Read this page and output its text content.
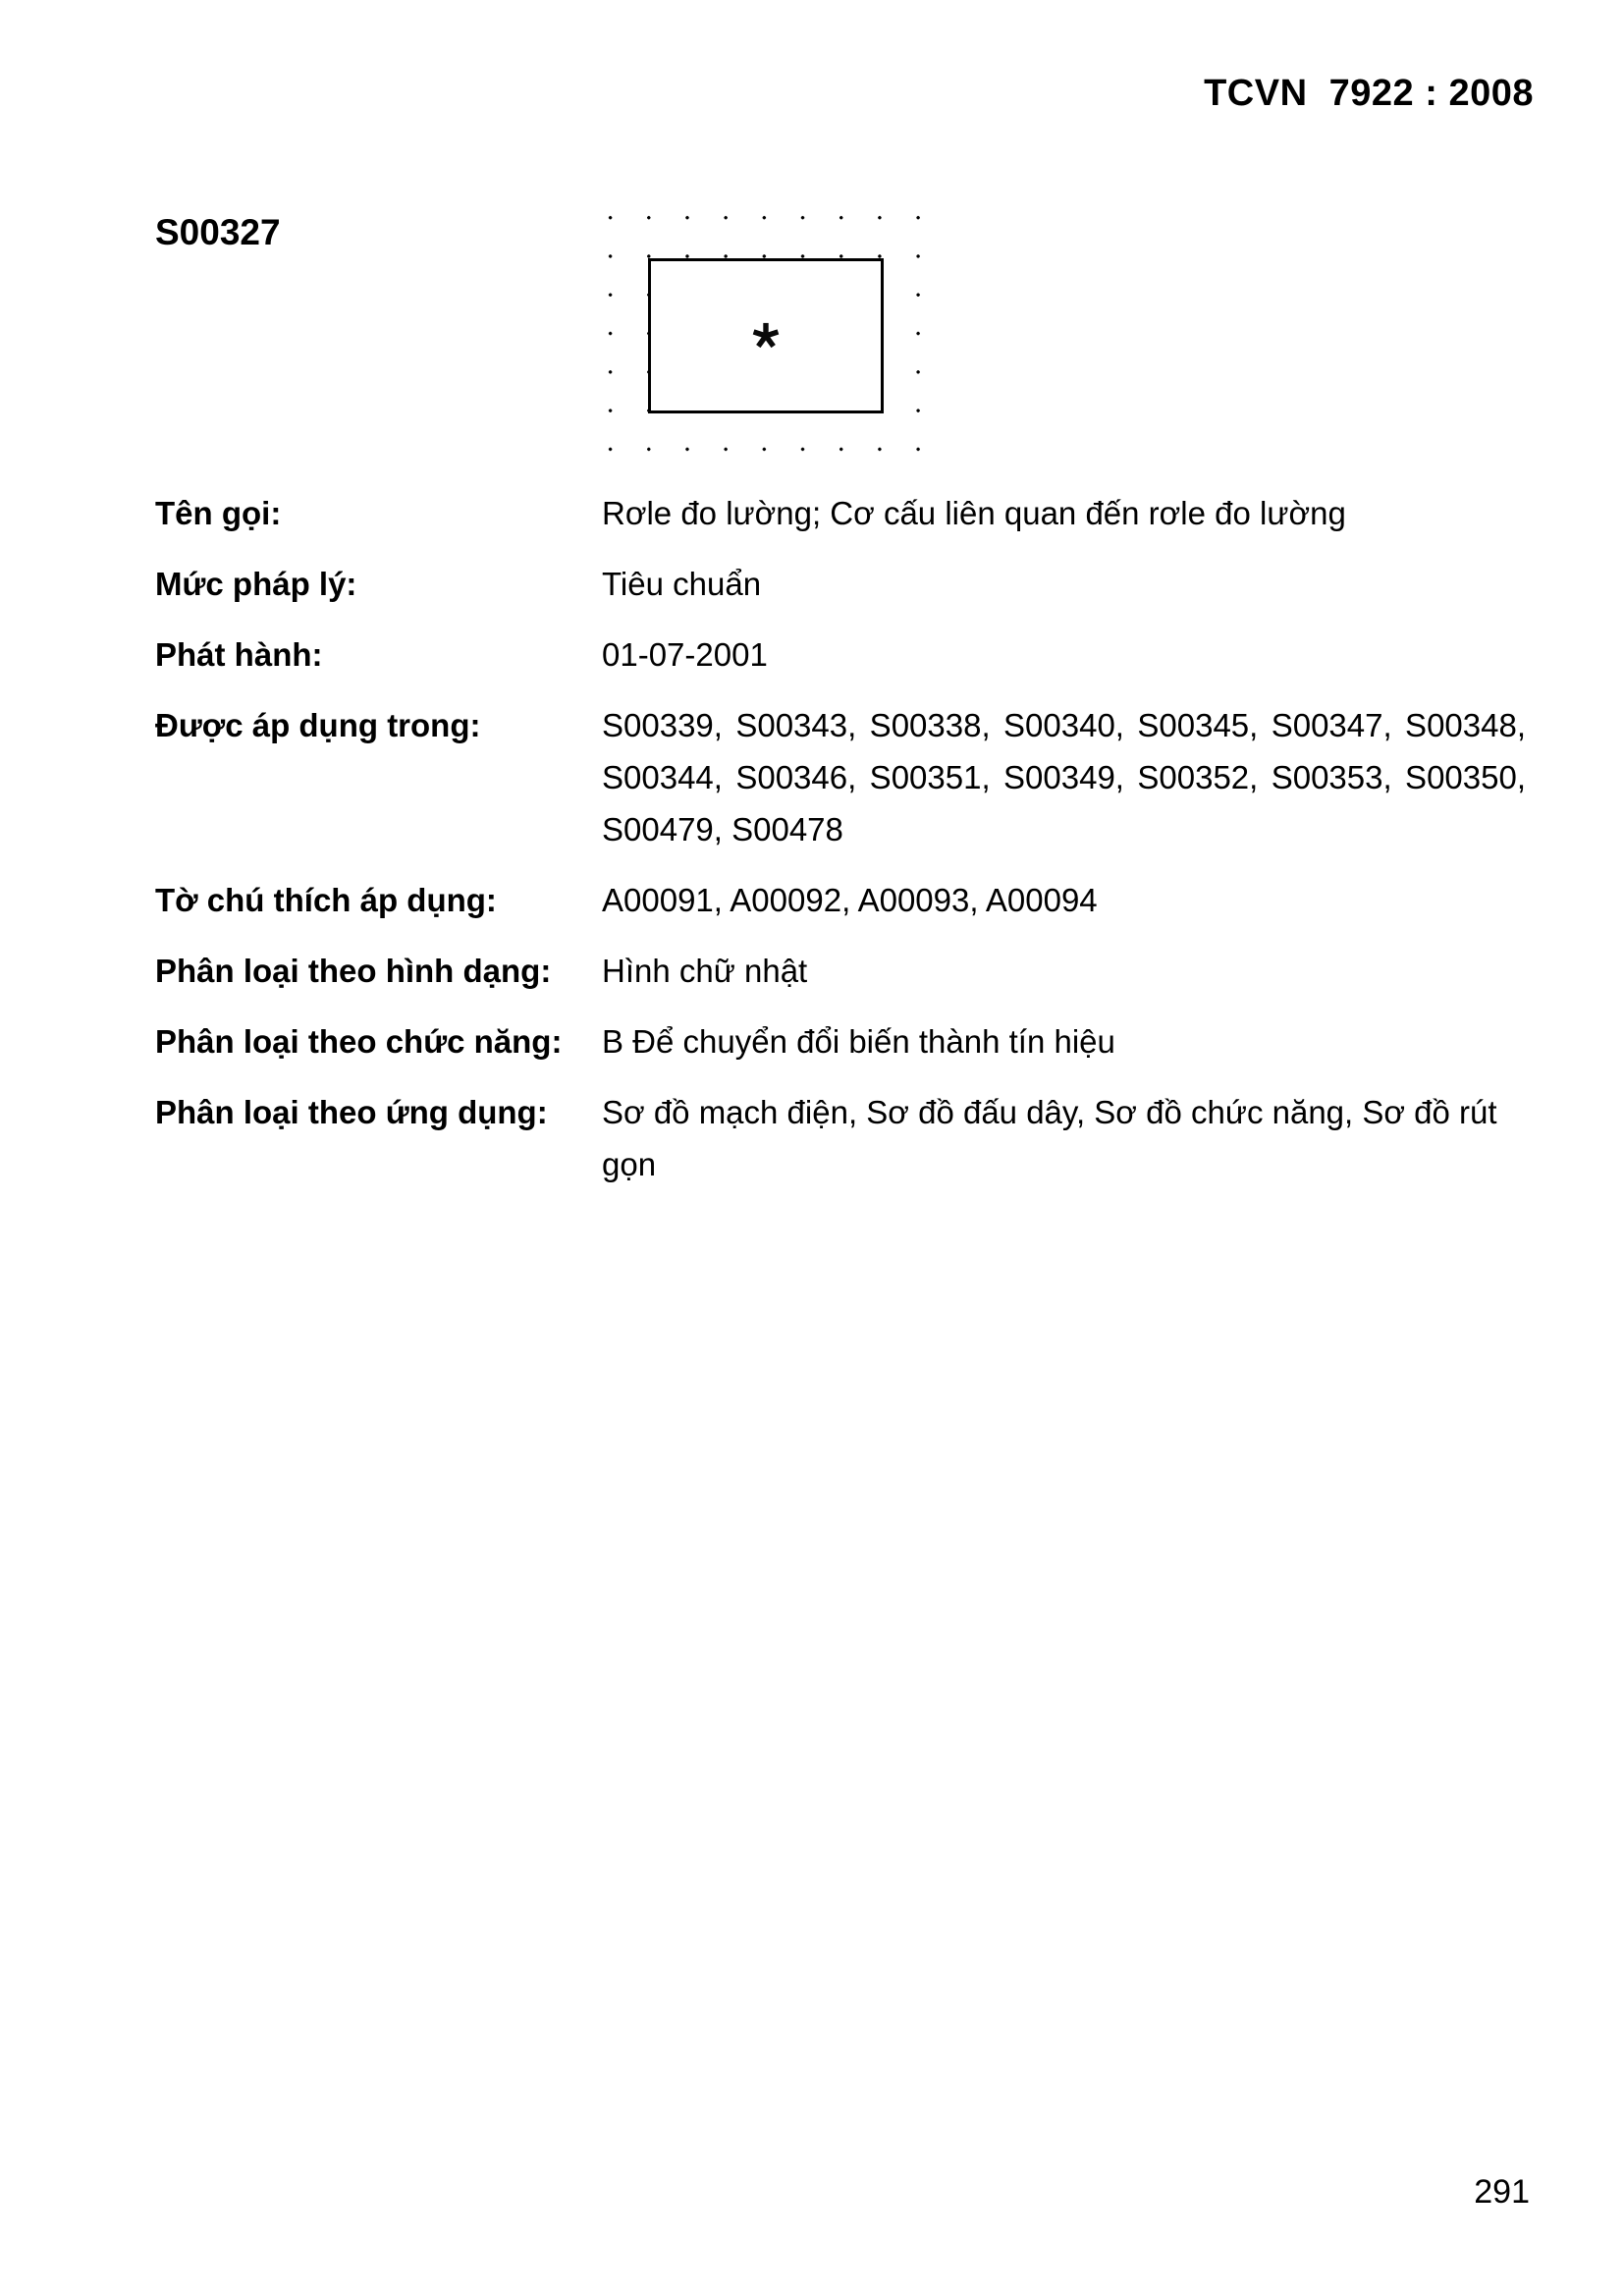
TCVN  7922 : 2008
S00327
Tên gọi:	Rơle đo lường; Cơ cấu liên quan đến rơle đo lường
Mức pháp lý:	Tiêu chuẩn
Phát hành:	01-07-2001
Được áp dụng trong:	S00339, S00343, S00338, S00340, S00345, S00347, S00348, S00344, S00346, S00351, S00349, S00352, S00353, S00350, S00479, S00478
Tờ chú thích áp dụng:	A00091, A00092, A00093, A00094
Phân loại theo hình dạng:	Hình chữ nhật
Phân loại theo chức năng:	B Để chuyển đổi biến thành tín hiệu
Phân loại theo ứng dụng:	Sơ đồ mạch điện, Sơ đồ đấu dây, Sơ đồ chức năng, Sơ đồ rút gọn
291
